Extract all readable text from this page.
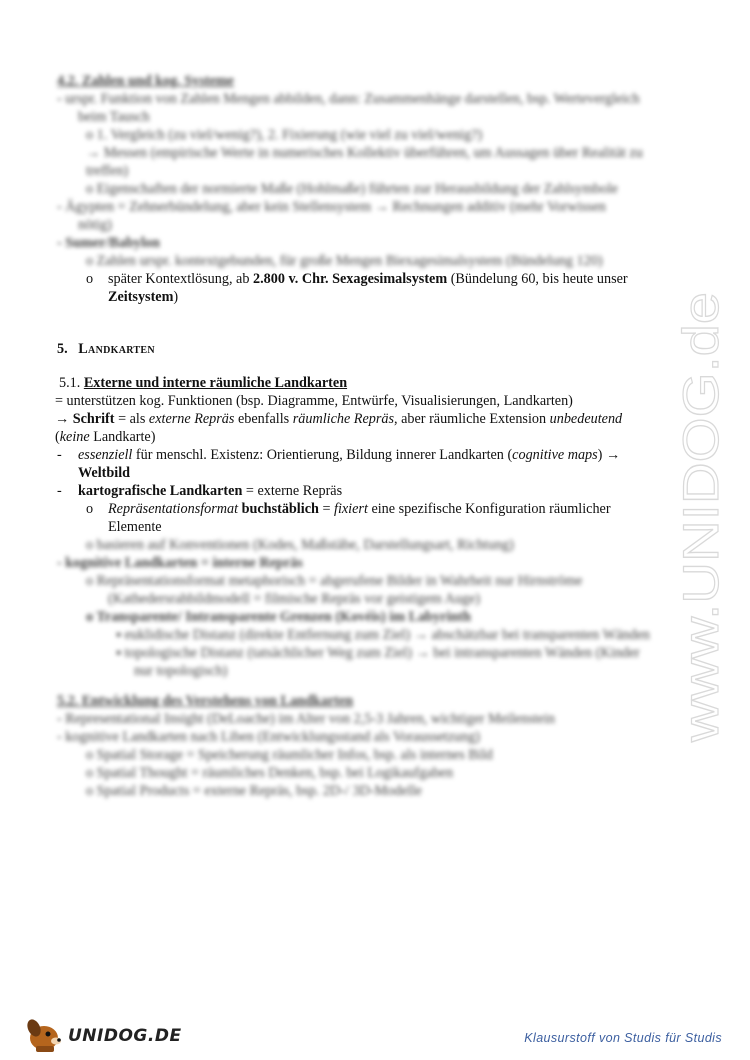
4.2. Zahlen und kog. Systeme
- urspr. Funktion von Zahlen Mengen abbilden, dann: Zusammenhänge darstellen, bsp. Wertevergleich
beim Tausch
o 1. Vergleich (zu viel/wenig?), 2. Fixierung (wie viel zu viel/wenig?)
→ Messen (empirische Werte in numerisches Kollektiv überführen, um Aussagen über Realität zu
treffen)
o Eigenschaften der normierte Maße (Hohlmaße) führten zur Herausbildung der Zahlsymbole
- Ägypten = Zehnerbündelung, aber kein Stellensystem → Rechnungen additiv (mehr Vorwissen
nötig)
- Sumer/Babylon
o Zahlen urspr. kontextgebunden, für große Mengen Biexagesimalsystem (Bündelung 120)
o später Kontextlösung, ab 2.800 v. Chr. Sexagesimalsystem (Bündelung 60, bis heute unser
Zeitsystem)
5. Landkarten
5.1. Externe und interne räumliche Landkarten
= unterstützen kog. Funktionen (bsp. Diagramme, Entwürfe, Visualisierungen, Landkarten)
→ Schrift = als externe Repräs ebenfalls räumliche Repräs, aber räumliche Extension unbedeutend
(keine Landkarte)
- essenziell für menschl. Existenz: Orientierung, Bildung innerer Landkarten (cognitive maps) →
Weltbild
- kartografische Landkarten = externe Repräs
o Repräsentationsformat buchstäblich = fixiert eine spezifische Konfiguration räumlicher
Elemente
o basieren auf Konventionen (Kodes, Maßstäbe, Darstellungsart, Richtung)
- kognitive Landkarten = interne Repräs
o Repräsentationsformat metaphorisch = abgerufene Bilder in Wahrheit nur Hirnströme
(Kathedersrahbildmodell = filmische Repräs vor geistigem Auge)
o Transparente/ Intransparente Grenzen (Kovéis) im Labyrinth
▪ euklidische Distanz (direkte Entfernung zum Ziel) → abschätzbar bei transparenten Wänden
▪ topologische Distanz (tatsächlicher Weg zum Ziel) → bei intransparenten Wänden (Kinder
nur topologisch)
5.2. Entwicklung des Verstehens von Landkarten
- Representational Insight (DeLoache) im Alter von 2,5-3 Jahren, wichtiger Meilenstein
- kognitive Landkarten nach Liben (Entwicklungsstand als Voraussetzung)
o Spatial Storage = Speicherung räumlicher Infos, bsp. als internes Bild
o Spatial Thought = räumliches Denken, bsp. bei Logikaufgaben
o Spatial Products = externe Repräs, bsp. 2D-/ 3D-Modelle
www.UNIDOG.de
UNIDOG.DE	Klausurstoff von Studis für Studis
